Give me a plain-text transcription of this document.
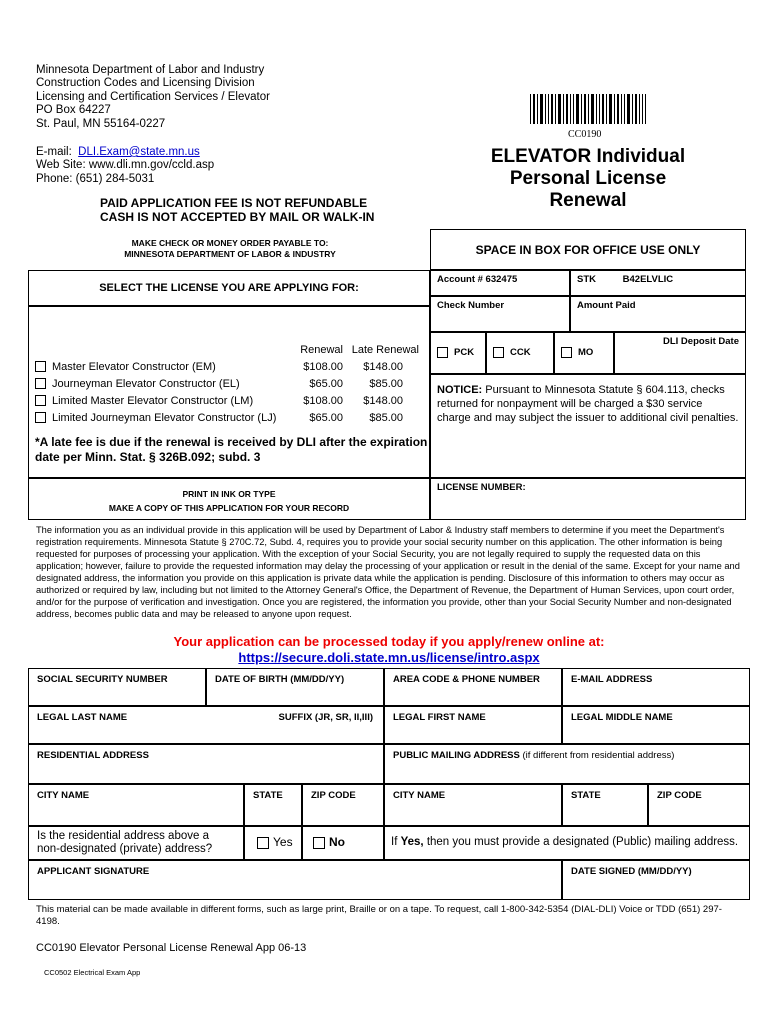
Minnesota Department of Labor and Industry
Construction Codes and Licensing Division
Licensing and Certification Services / Elevator
PO Box 64227
St. Paul, MN 55164-0227
E-mail: DLI.Exam@state.mn.us
Web Site: www.dli.mn.gov/ccld.asp
Phone: (651) 284-5031
CC0190
ELEVATOR Individual
Personal License Renewal
PAID APPLICATION FEE IS NOT REFUNDABLE
CASH IS NOT ACCEPTED BY MAIL OR WALK-IN
MAKE CHECK OR MONEY ORDER PAYABLE TO:
MINNESOTA DEPARTMENT OF LABOR & INDUSTRY	SPACE IN BOX FOR OFFICE USE ONLY
Account # 632475	STK	B42ELVLIC
Check Number	Amount Paid
PCK	CCK	MO
DLI Deposit Date
NOTICE: Pursuant to Minnesota Statute § 604.113, checks returned for nonpayment will be charged a $30 service charge and may subject the issuer to additional civil penalties.
LICENSE NUMBER:
SELECT THE LICENSE YOU ARE APPLYING FOR:
Renewal Late Renewal
Master Elevator Constructor (EM)	$108.00	$148.00
Journeyman Elevator Constructor (EL)	$65.00	$85.00
Limited Master Elevator Constructor (LM)	$108.00	$148.00
Limited Journeyman Elevator Constructor (LJ)	$65.00	$85.00
*A late fee is due if the renewal is received by DLI after the expiration date per Minn. Stat. § 326B.092; subd. 3
PRINT IN INK OR TYPE
MAKE A COPY OF THIS APPLICATION FOR YOUR RECORD
The information you as an individual provide in this application will be used by Department of Labor & Industry staff members to determine if you meet the Department's registration requirements. Minnesota Statute § 270C.72, Subd. 4, requires you to provide your social security number on this application. The other information is being requested for purposes of processing your application. With the exception of your Social Security, you are not legally required to supply the requested data on this application; however, failure to provide the requested information may delay the processing of your application or result in the denial of the same. Except for your name and designated address, the information you provide on this application is private data while the application is pending. Disclosure of this information to others may occur as authorized or required by law, including but not limited to the Attorney General's Office, the Department of Revenue, the Department of Human Services, upon court order, and/or for the purpose of verification and investigation. Once you are registered, the information you provide, other than your Social Security Number and non-designated address, becomes public data and may be released to anyone upon request.
Your application can be processed today if you apply/renew online at:
https://secure.doli.state.mn.us/license/intro.aspx
SOCIAL SECURITY NUMBER	DATE OF BIRTH (MM/DD/YY)	AREA CODE & PHONE NUMBER	E-MAIL ADDRESS
LEGAL LAST NAME	SUFFIX (JR, SR, II,III)	LEGAL FIRST NAME	LEGAL MIDDLE NAME
RESIDENTIAL ADDRESS	PUBLIC MAILING ADDRESS (if different from residential address)
CITY NAME	STATE	ZIP CODE	CITY NAME	STATE	ZIP CODE
Is the residential address above a non-designated (private) address?	Yes	No	If Yes, then you must provide a designated (Public) mailing address.
APPLICANT SIGNATURE	DATE SIGNED (MM/DD/YY)
This material can be made available in different forms, such as large print, Braille or on a tape. To request, call 1-800-342-5354 (DIAL-DLI) Voice or TDD (651) 297-4198.
CC0190 Elevator Personal License Renewal App 06-13
CC0502 Electrical Exam App
